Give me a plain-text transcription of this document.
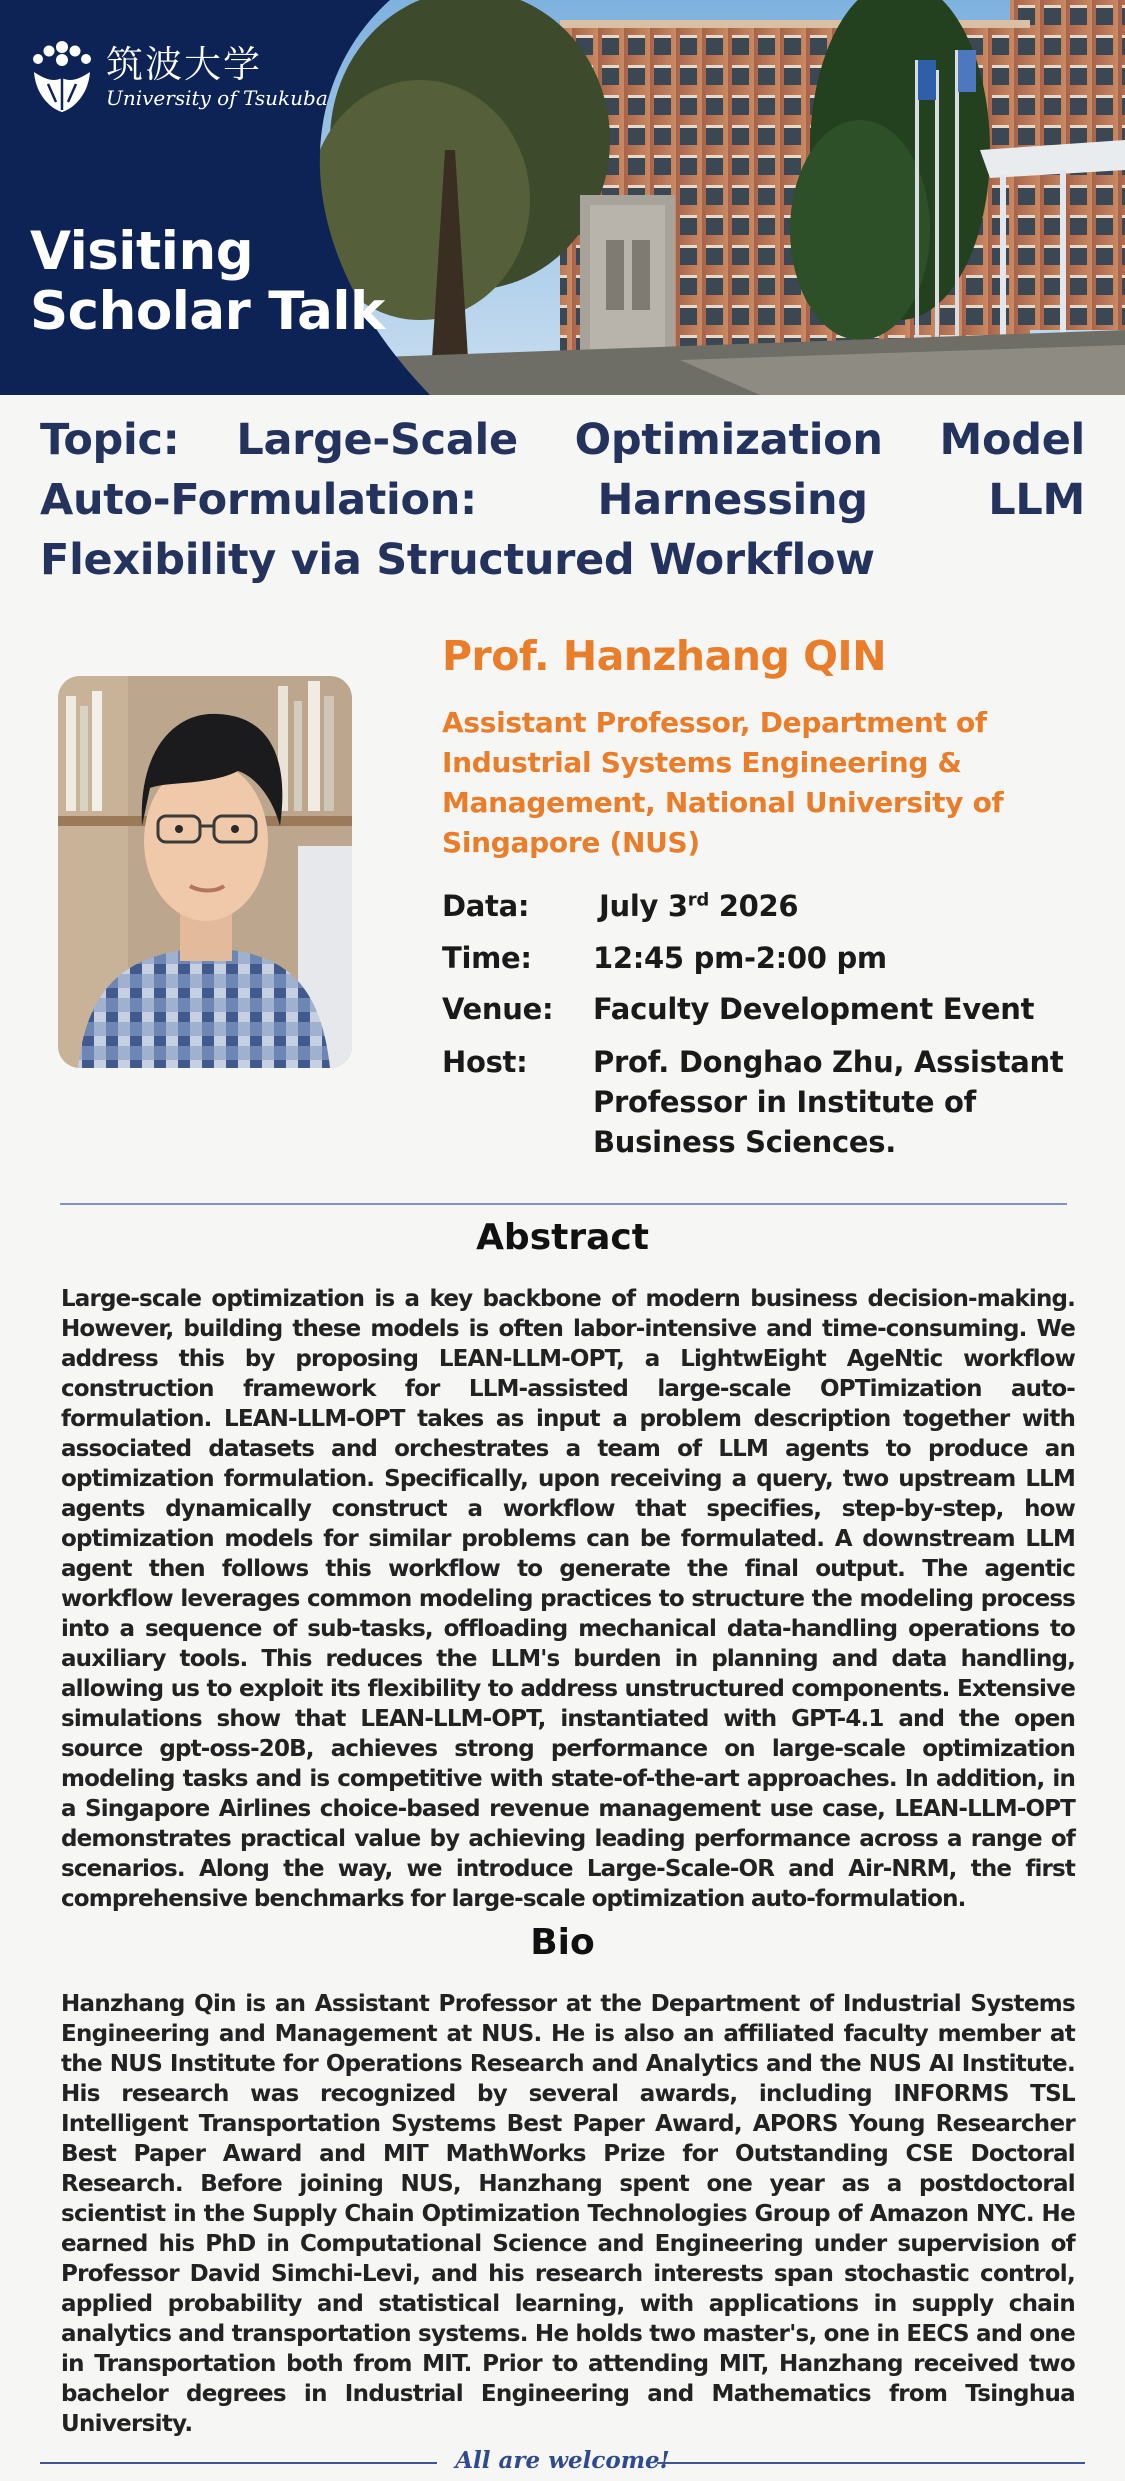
筑波大学
University of Tsukuba
Visiting
Scholar Talk
Topic: Large-Scale Optimization Model Auto-Formulation: Harnessing LLM Flexibility via Structured Workflow
Prof. Hanzhang QIN
Assistant Professor, Department of Industrial Systems Engineering & Management, National University of Singapore (NUS)
Data: July 3rd 2026
Time: 12:45 pm-2:00 pm
Venue: Faculty Development Event
Host: Prof. Donghao Zhu, Assistant Professor in Institute of Business Sciences.
Abstract
Large-scale optimization is a key backbone of modern business decision-making. However, building these models is often labor-intensive and time-consuming. We address this by proposing LEAN-LLM-OPT, a LightwEight AgeNtic workflow construction framework for LLM-assisted large-scale OPTimization auto-formulation. LEAN-LLM-OPT takes as input a problem description together with associated datasets and orchestrates a team of LLM agents to produce an optimization formulation. Specifically, upon receiving a query, two upstream LLM agents dynamically construct a workflow that specifies, step-by-step, how optimization models for similar problems can be formulated. A downstream LLM agent then follows this workflow to generate the final output. The agentic workflow leverages common modeling practices to structure the modeling process into a sequence of sub-tasks, offloading mechanical data-handling operations to auxiliary tools. This reduces the LLM's burden in planning and data handling, allowing us to exploit its flexibility to address unstructured components. Extensive simulations show that LEAN-LLM-OPT, instantiated with GPT-4.1 and the open source gpt-oss-20B, achieves strong performance on large-scale optimization modeling tasks and is competitive with state-of-the-art approaches. In addition, in a Singapore Airlines choice-based revenue management use case, LEAN-LLM-OPT demonstrates practical value by achieving leading performance across a range of scenarios. Along the way, we introduce Large-Scale-OR and Air-NRM, the first comprehensive benchmarks for large-scale optimization auto-formulation.
Bio
Hanzhang Qin is an Assistant Professor at the Department of Industrial Systems Engineering and Management at NUS. He is also an affiliated faculty member at the NUS Institute for Operations Research and Analytics and the NUS AI Institute. His research was recognized by several awards, including INFORMS TSL Intelligent Transportation Systems Best Paper Award, APORS Young Researcher Best Paper Award and MIT MathWorks Prize for Outstanding CSE Doctoral Research. Before joining NUS, Hanzhang spent one year as a postdoctoral scientist in the Supply Chain Optimization Technologies Group of Amazon NYC. He earned his PhD in Computational Science and Engineering under supervision of Professor David Simchi-Levi, and his research interests span stochastic control, applied probability and statistical learning, with applications in supply chain analytics and transportation systems. He holds two master's, one in EECS and one in Transportation both from MIT. Prior to attending MIT, Hanzhang received two bachelor degrees in Industrial Engineering and Mathematics from Tsinghua University.
All are welcome!
